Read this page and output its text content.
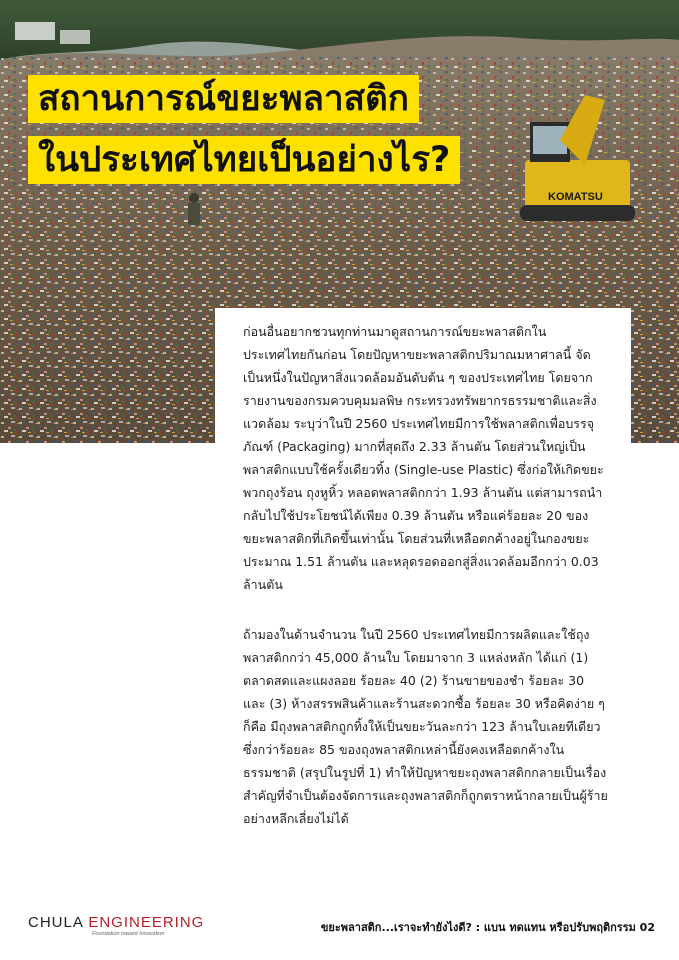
KOMATSU
สถานการณ์ขยะพลาสติก
ในประเทศไทยเป็นอย่างไร?

ก่อนอื่นอยากชวนทุกท่านมาดูสถานการณ์ขยะพลาสติกในประเทศไทยกันก่อน โดยปัญหาขยะพลาสติกปริมาณมหาศาลนี้ จัดเป็นหนึ่งในปัญหาสิ่งแวดล้อมอันดับต้น ๆ ของประเทศไทย โดยจากรายงานของกรมควบคุมมลพิษ กระทรวงทรัพยากรธรรมชาติและสิ่งแวดล้อม ระบุว่าในปี 2560 ประเทศไทยมีการใช้พลาสติกเพื่อบรรจุภัณฑ์ (Packaging) มากที่สุดถึง 2.33 ล้านตัน โดยส่วนใหญ่เป็นพลาสติกแบบใช้ครั้งเดียวทิ้ง (Single-use Plastic) ซึ่งก่อให้เกิดขยะพวกถุงร้อน ถุงหูหิ้ว หลอดพลาสติกกว่า 1.93 ล้านตัน แต่สามารถนำกลับไปใช้ประโยชน์ได้เพียง 0.39 ล้านตัน หรือแค่ร้อยละ 20 ของขยะพลาสติกที่เกิดขึ้นเท่านั้น โดยส่วนที่เหลือตกค้างอยู่ในกองขยะประมาณ 1.51 ล้านตัน และหลุดรอดออกสู่สิ่งแวดล้อมอีกกว่า 0.03 ล้านตัน

ถ้ามองในด้านจำนวน ในปี 2560 ประเทศไทยมีการผลิตและใช้ถุงพลาสติกกว่า 45,000 ล้านใบ โดยมาจาก 3 แหล่งหลัก ได้แก่ (1) ตลาดสดและแผงลอย ร้อยละ 40 (2) ร้านขายของชำ ร้อยละ 30 และ (3) ห้างสรรพสินค้าและร้านสะดวกซื้อ ร้อยละ 30 หรือคิดง่าย ๆ ก็คือ มีถุงพลาสติกถูกทิ้งให้เป็นขยะวันละกว่า 123 ล้านใบเลยทีเดียว ซึ่งกว่าร้อยละ 85 ของถุงพลาสติกเหล่านี้ยังคงเหลือตกค้างในธรรมชาติ (สรุปในรูปที่ 1) ทำให้ปัญหาขยะถุงพลาสติกกลายเป็นเรื่องสำคัญที่จำเป็นต้องจัดการและถุงพลาสติกก็ถูกตราหน้ากลายเป็นผู้ร้ายอย่างหลีกเลี่ยงไม่ได้

CHULA ENGINEERING
Foundation toward Innovation	ขยะพลาสติก...เราจะทำยังไงดี? : แบน ทดแทน หรือปรับพฤติกรรม 02
